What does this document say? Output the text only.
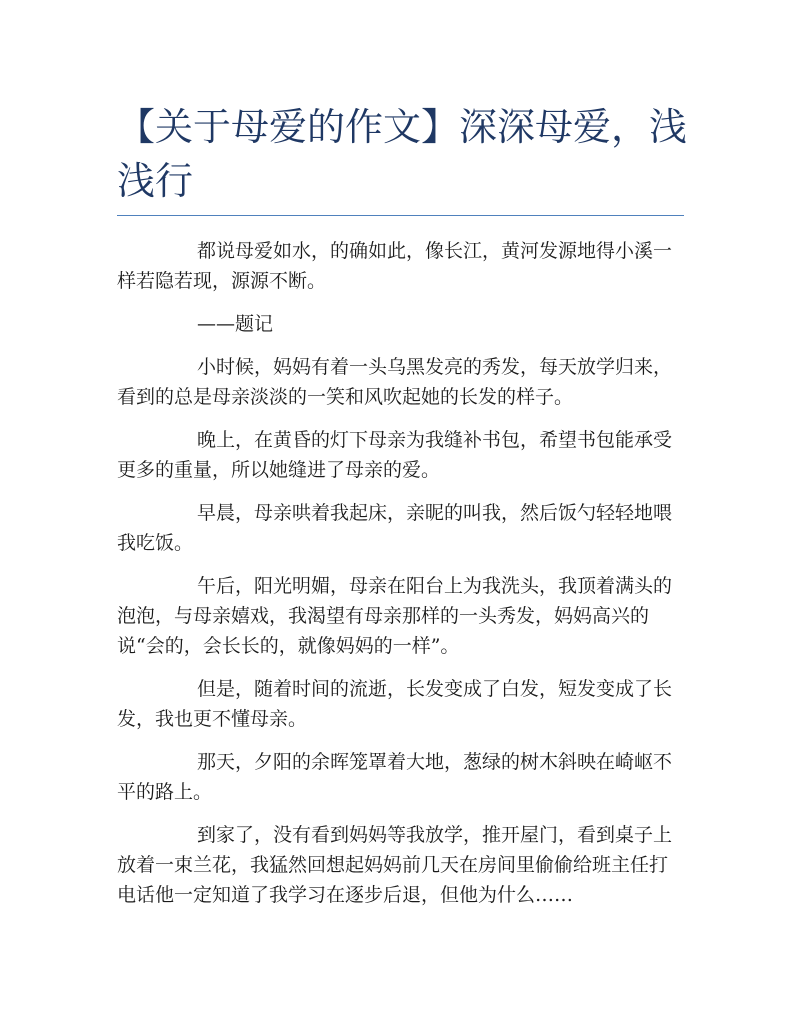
【关于母爱的作文】深深母爱，浅浅行

都说母爱如水，的确如此，像长江，黄河发源地得小溪一样若隐若现，源源不断。

——题记

小时候，妈妈有着一头乌黑发亮的秀发，每天放学归来，看到的总是母亲淡淡的一笑和风吹起她的长发的样子。

晚上，在黄昏的灯下母亲为我缝补书包，希望书包能承受更多的重量，所以她缝进了母亲的爱。

早晨，母亲哄着我起床，亲昵的叫我，然后饭勺轻轻地喂我吃饭。

午后，阳光明媚，母亲在阳台上为我洗头，我顶着满头的泡泡，与母亲嬉戏，我渴望有母亲那样的一头秀发，妈妈高兴的说“会的，会长长的，就像妈妈的一样”。

但是，随着时间的流逝，长发变成了白发，短发变成了长发，我也更不懂母亲。

那天，夕阳的余晖笼罩着大地，葱绿的树木斜映在崎岖不平的路上。

到家了，没有看到妈妈等我放学，推开屋门，看到桌子上放着一束兰花，我猛然回想起妈妈前几天在房间里偷偷给班主任打电话他一定知道了我学习在逐步后退，但他为什么……
